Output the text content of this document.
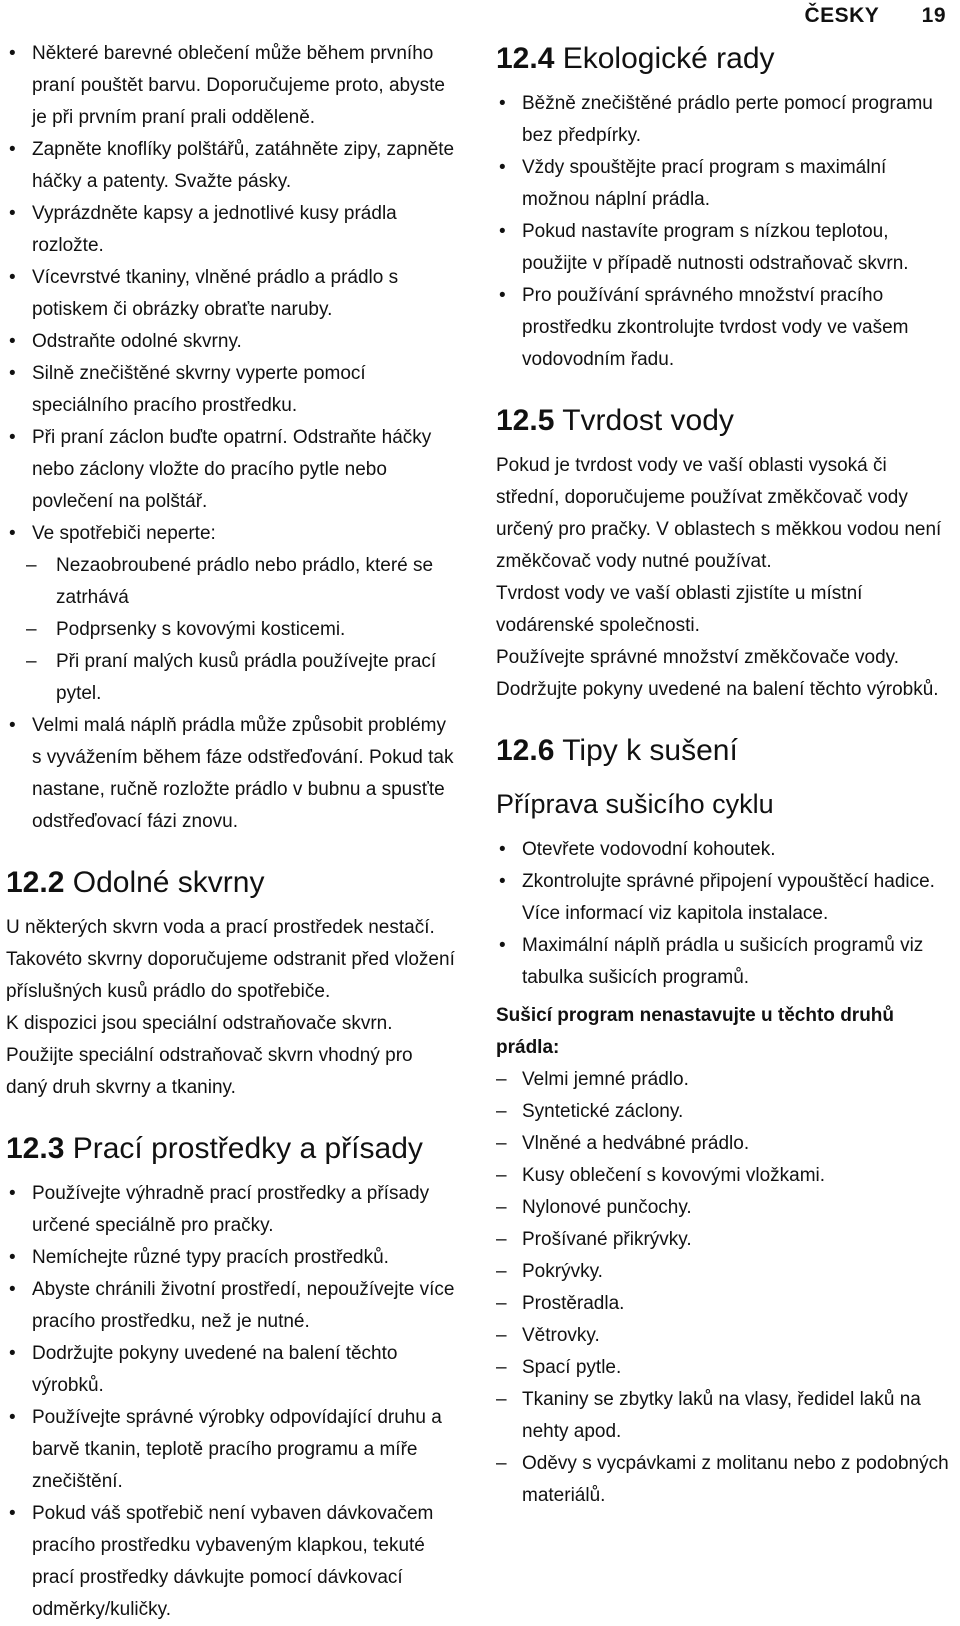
ČESKY 19
• Některé barevné oblečení může během prvního praní pouštět barvu. Doporučujeme proto, abyste je při prvním praní prali odděleně.
• Zapněte knoflíky polštářů, zatáhněte zipy, zapněte háčky a patenty. Svažte pásky.
• Vyprázdněte kapsy a jednotlivé kusy prádla rozložte.
• Vícevrstvé tkaniny, vlněné prádlo a prádlo s potiskem či obrázky obraťte naruby.
• Odstraňte odolné skvrny.
• Silně znečištěné skvrny vyperte pomocí speciálního pracího prostředku.
• Při praní záclon buďte opatrní. Odstraňte háčky nebo záclony vložte do pracího pytle nebo povlečení na polštář.
• Ve spotřebiči neperte:
– Nezaobroubené prádlo nebo prádlo, které se zatrhává
– Podprsenky s kovovými kosticemi.
– Při praní malých kusů prádla používejte prací pytel.
• Velmi malá náplň prádla může způsobit problémy s vyvážením během fáze odstřeďování. Pokud tak nastane, ručně rozložte prádlo v bubnu a spusťte odstřeďovací fázi znovu.
12.2 Odolné skvrny

U některých skvrn voda a prací prostředek nestačí.

Takovéto skvrny doporučujeme odstranit před vložení příslušných kusů prádlo do spotřebiče.

K dispozici jsou speciální odstraňovače skvrn.

Použijte speciální odstraňovač skvrn vhodný pro daný druh skvrny a tkaniny.

12.3 Prací prostředky a přísady
• Používejte výhradně prací prostředky a přísady určené speciálně pro pračky.
• Nemíchejte různé typy pracích prostředků.
• Abyste chránili životní prostředí, nepoužívejte více pracího prostředku, než je nutné.
• Dodržujte pokyny uvedené na balení těchto výrobků.
• Používejte správné výrobky odpovídající druhu a barvě tkanin, teplotě pracího programu a míře znečištění.
• Pokud váš spotřebič není vybaven dávkovačem pracího prostředku vybaveným klapkou, tekuté prací prostředky dávkujte pomocí dávkovací odměrky/kuličky.
12.4 Ekologické rady
• Běžně znečištěné prádlo perte pomocí programu bez předpírky.
• Vždy spouštějte prací program s maximální možnou náplní prádla.
• Pokud nastavíte program s nízkou teplotou, použijte v případě nutnosti odstraňovač skvrn.
• Pro používání správného množství pracího prostředku zkontrolujte tvrdost vody ve vašem vodovodním řadu.
12.5 Tvrdost vody

Pokud je tvrdost vody ve vaší oblasti vysoká či střední, doporučujeme používat změkčovač vody určený pro pračky. V oblastech s měkkou vodou není změkčovač vody nutné používat.

Tvrdost vody ve vaší oblasti zjistíte u místní vodárenské společnosti.

Používejte správné množství změkčovače vody.

Dodržujte pokyny uvedené na balení těchto výrobků.

12.6 Tipy k sušení
Příprava sušicího cyklu
• Otevřete vodovodní kohoutek.
• Zkontrolujte správné připojení vypouštěcí hadice. Více informací viz kapitola instalace.
• Maximální náplň prádla u sušicích programů viz tabulka sušicích programů.

Sušicí program nenastavujte u těchto druhů prádla:

– Velmi jemné prádlo.
– Syntetické záclony.
– Vlněné a hedvábné prádlo.
– Kusy oblečení s kovovými vložkami.
– Nylonové punčochy.
– Prošívané přikrývky.
– Pokrývky.
– Prostěradla.
– Větrovky.
– Spací pytle.
– Tkaniny se zbytky laků na vlasy, ředidel laků na nehty apod.
– Oděvy s vycpávkami z molitanu nebo z podobných materiálů.
